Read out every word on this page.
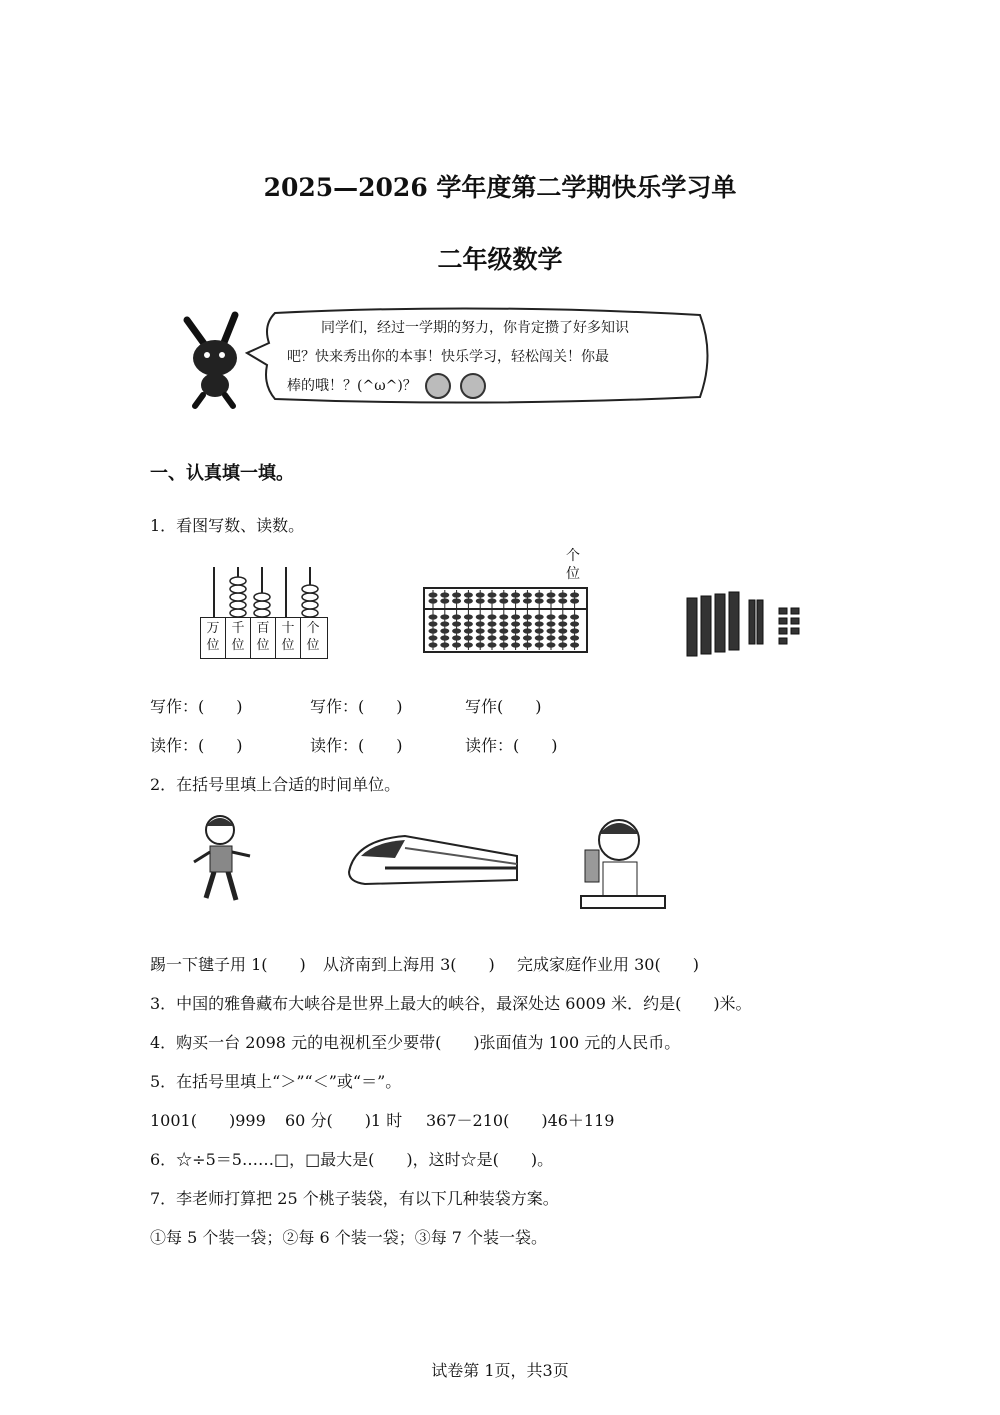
2025—2026 学年度第二学期快乐学习单
二年级数学
同学们，经过一学期的努力，你肯定攒了好多知识
吧？快来秀出你的本事！快乐学习，轻松闯关！你最
棒的哦！？(^ω^)？
一、认真填一填。
1．看图写数、读数。
万位
千位
百位
十位
个位
个位
写作：(　　)	写作：(　　)	写作(　　)
读作：(　　)	读作：(　　)	读作：(　　)
2．在括号里填上合适的时间单位。
踢一下毽子用 1(　　) 从济南到上海用 3(　　) 完成家庭作业用 30(　　)
3．中国的雅鲁藏布大峡谷是世界上最大的峡谷，最深处达 6009 米．约是(　　)米。
4．购买一台 2098 元的电视机至少要带(　　)张面值为 100 元的人民币。
5．在括号里填上“＞”“＜”或“＝”。
1001(　　)999 60 分(　　)1 时 367－210(　　)46＋119
6．☆÷5＝5……□，□最大是(　　)，这时☆是(　　)。
7．李老师打算把 25 个桃子装袋，有以下几种装袋方案。
①每 5 个装一袋；②每 6 个装一袋；③每 7 个装一袋。
试卷第 1页，共3页
